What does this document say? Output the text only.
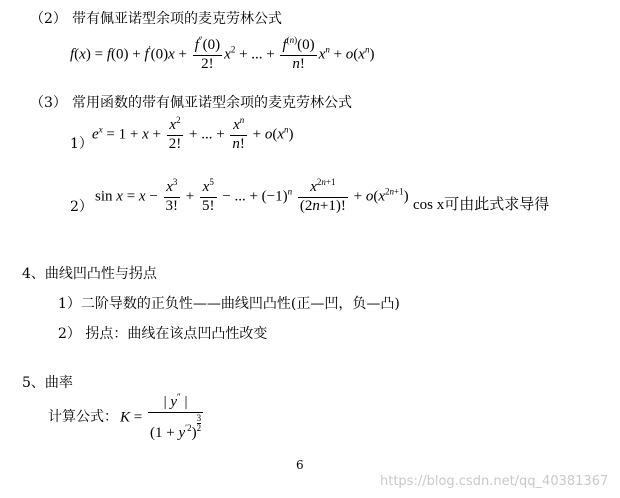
（2） 带有佩亚诺型余项的麦克劳林公式
$f(x) = f(0) + f'(0)x + \frac{f''(0)}{2!} x^2$ + ... + $\frac{f^{(n)}(0)}{n!} x^n + o(x^n)$
（3） 常用函数的带有佩亚诺型余项的麦克劳林公式
1）
$e^x = 1 + x + \frac{x^2}{2!}$ + ... + $\frac{x^n}{n!} + o(x^n)$
2）
$\sin x = x - \frac{x^3}{3!} + \frac{x^5}{5!}$ − ... + $(-1)^n \frac{x^{2n+1}}{(2n+1)!} + o(x^{2n+1})$
cos x可由此式求导得
4、曲线凹凸性与拐点
1）二阶导数的正负性——曲线凹凸性(正—凹，负—凸)
2） 拐点：曲线在该点凹凸性改变
5、曲率
计算公式： K = | y″ |
$(1 + y^{'2})$ $^{\frac{3}{2}}$
6
https://blog.csdn.net/qq_40381367
